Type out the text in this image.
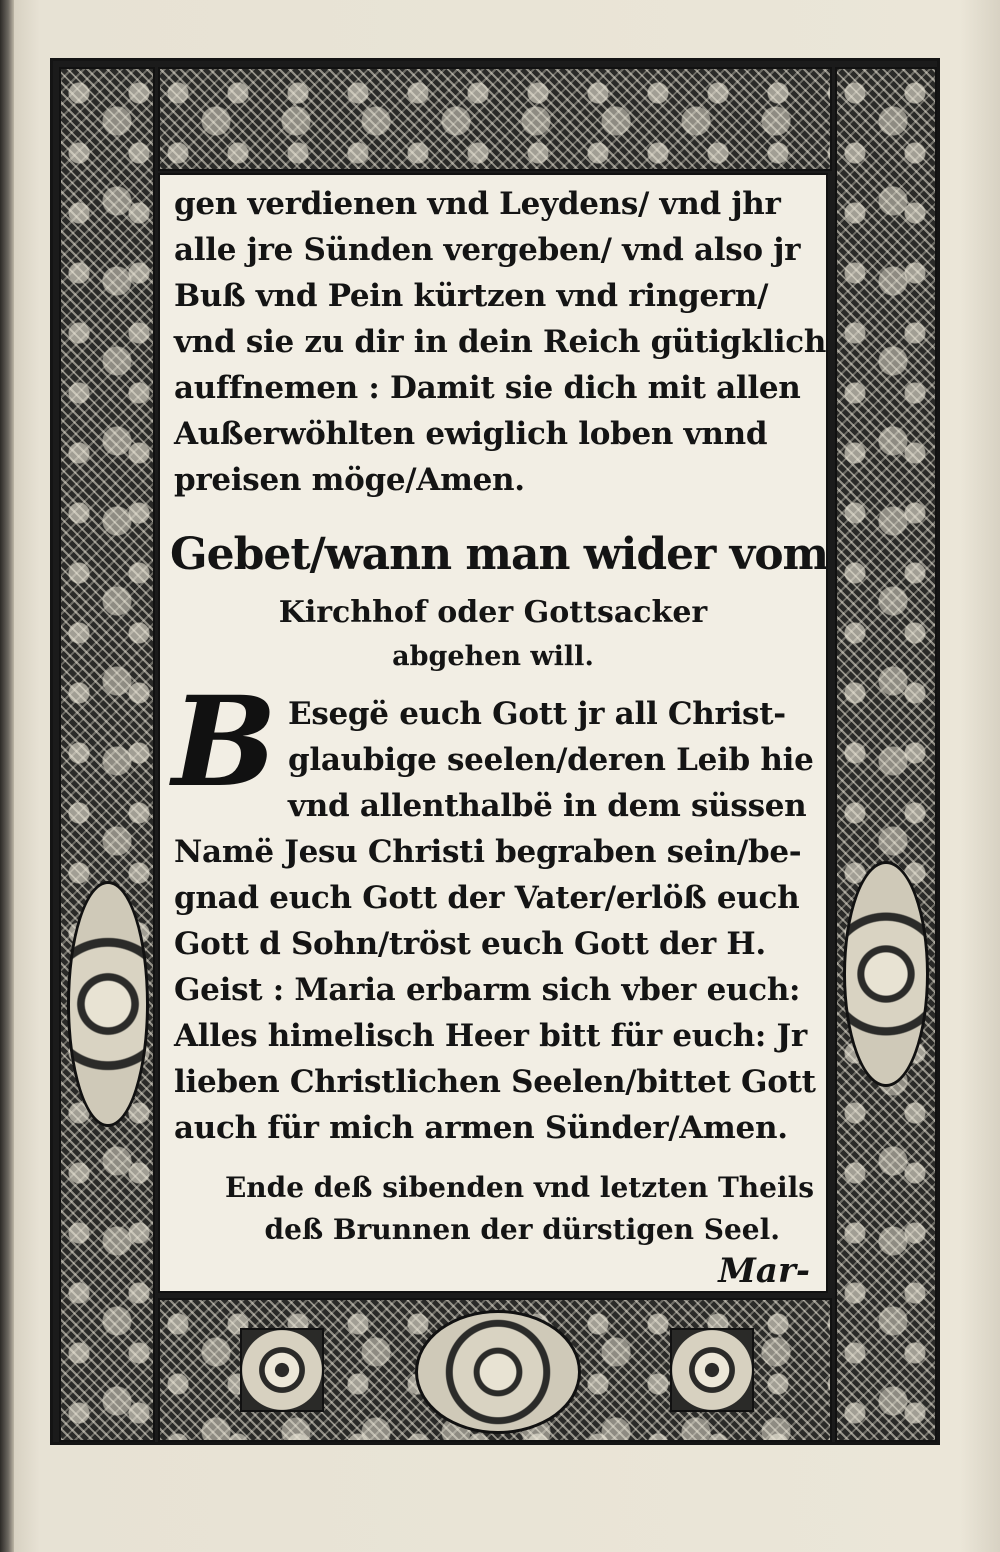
gen verdienen vnd Leydens/ vnd jhr
alle jre Sünden vergeben/ vnd also jr
Buß vnd Pein kürtzen vnd ringern/
vnd sie zu dir in dein Reich gütigklich
auffnemen : Damit sie dich mit allen
Außerwöhlten ewiglich loben vnnd
preisen möge/Amen.
Gebet/wann man wider vom
Kirchhof oder Gottsacker
abgehen will.
B Esegë euch Gott jr all Christ-
glaubige seelen/deren Leib hie
vnd allenthalbë in dem süssen
Namë Jesu Christi begraben sein/be-
gnad euch Gott der Vater/erlöß euch
Gott d Sohn/tröst euch Gott der H.
Geist : Maria erbarm sich vber euch:
Alles himelisch Heer bitt für euch: Jr
lieben Christlichen Seelen/bittet Gott
auch für mich armen Sünder/Amen.
Ende deß sibenden vnd letzten Theils
deß Brunnen der dürstigen Seel.
Mar-
